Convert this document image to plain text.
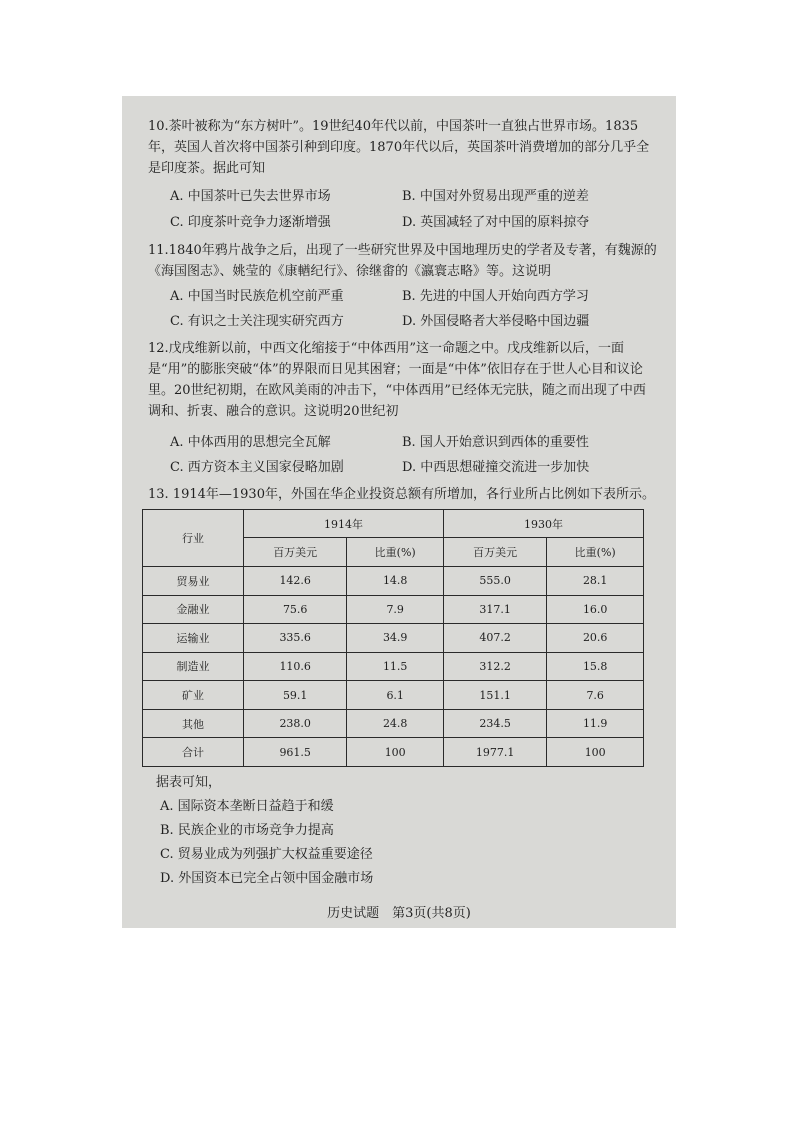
10.茶叶被称为“东方树叶”。19世纪40年代以前，中国茶叶一直独占世界市场。1835年，英国人首次将中国茶引种到印度。1870年代以后，英国茶叶消费增加的部分几乎全是印度茶。据此可知
A. 中国茶叶已失去世界市场	B. 中国对外贸易出现严重的逆差
C. 印度茶叶竞争力逐渐增强	D. 英国减轻了对中国的原料掠夺
11.1840年鸦片战争之后，出现了一些研究世界及中国地理历史的学者及专著，有魏源的《海国图志》、姚莹的《康輶纪行》、徐继畬的《瀛寰志略》等。这说明
A. 中国当时民族危机空前严重	B. 先进的中国人开始向西方学习
C. 有识之士关注现实研究西方	D. 外国侵略者大举侵略中国边疆
12.戊戌维新以前，中西文化缩接于“中体西用”这一命题之中。戊戌维新以后，一面是“用”的膨胀突破“体”的界限而日见其困窘；一面是“中体”依旧存在于世人心目和议论里。20世纪初期，在欧风美雨的冲击下，“中体西用”已经体无完肤，随之而出现了中西调和、折衷、融合的意识。这说明20世纪初
A. 中体西用的思想完全瓦解	B. 国人开始意识到西体的重要性
C. 西方资本主义国家侵略加剧	D. 中西思想碰撞交流进一步加快
13. 1914年—1930年，外国在华企业投资总额有所增加，各行业所占比例如下表所示。
行业	1914年		1930年	
	百万美元	比重(%)	百万美元	比重(%)
贸易业	142.6	14.8	555.0	28.1
金融业	75.6	7.9	317.1	16.0
运输业	335.6	34.9	407.2	20.6
制造业	110.6	11.5	312.2	15.8
矿业	59.1	6.1	151.1	7.6
其他	238.0	24.8	234.5	11.9
合计	961.5	100	1977.1	100
据表可知，
A. 国际资本垄断日益趋于和缓
B. 民族企业的市场竞争力提高
C. 贸易业成为列强扩大权益重要途径
D. 外国资本已完全占领中国金融市场
历史试题　第3页(共8页)
